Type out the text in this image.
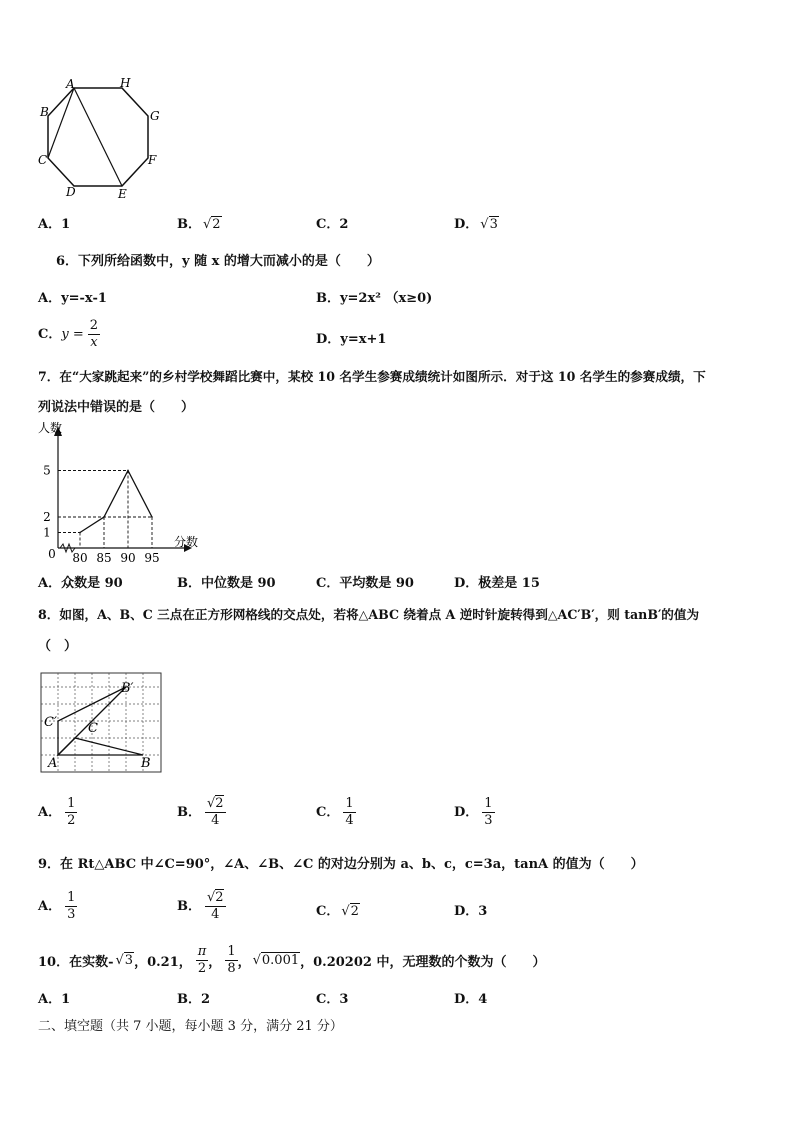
A	H
G
F
E
D
C
B
A．1	B． √2	C．2	D． √3
6．下列所给函数中，y 随 x 的增大而减小的是（　　）
A．y=-x-1	B．y=2x² （x≥0)
C．$y = \frac{2}{x}$	D．y=x+1
7．在“大家跳起来”的乡村学校舞蹈比赛中，某校 10 名学生参赛成绩统计如图所示．对于这 10 名学生的参赛成绩，下
列说法中错误的是（　　）
人数
分数
0
1
2
5
80 85 90 95
A．众数是 90	B．中位数是 90	C．平均数是 90	D．极差是 15
8．如图，A、B、C 三点在正方形网格线的交点处，若将△ABC 绕着点 A 逆时针旋转得到△AC′B′，则 tanB′的值为
（　）
A	B
C
B′
C′
A． $\frac{1}{2}$	B． $\frac{√2}{4}$	C． $\frac{1}{4}$	D． $\frac{1}{3}$
9．在 Rt△ABC 中∠C=90°，∠A、∠B、∠C 的对边分别为 a、b、c，c=3a，tanA 的值为（　　）
A． $\frac{1}{3}$	B． $\frac{√2}{4}$	C． √2	D．3
10．在实数- √3 ，0.21， $\frac{\pi}{2}$ ， $\frac{1}{8}$ ， √0.001 ，0.20202 中，无理数的个数为（　　）
A．1	B．2	C．3	D．4
二、填空题（共 7 小题，每小题 3 分，满分 21 分）
